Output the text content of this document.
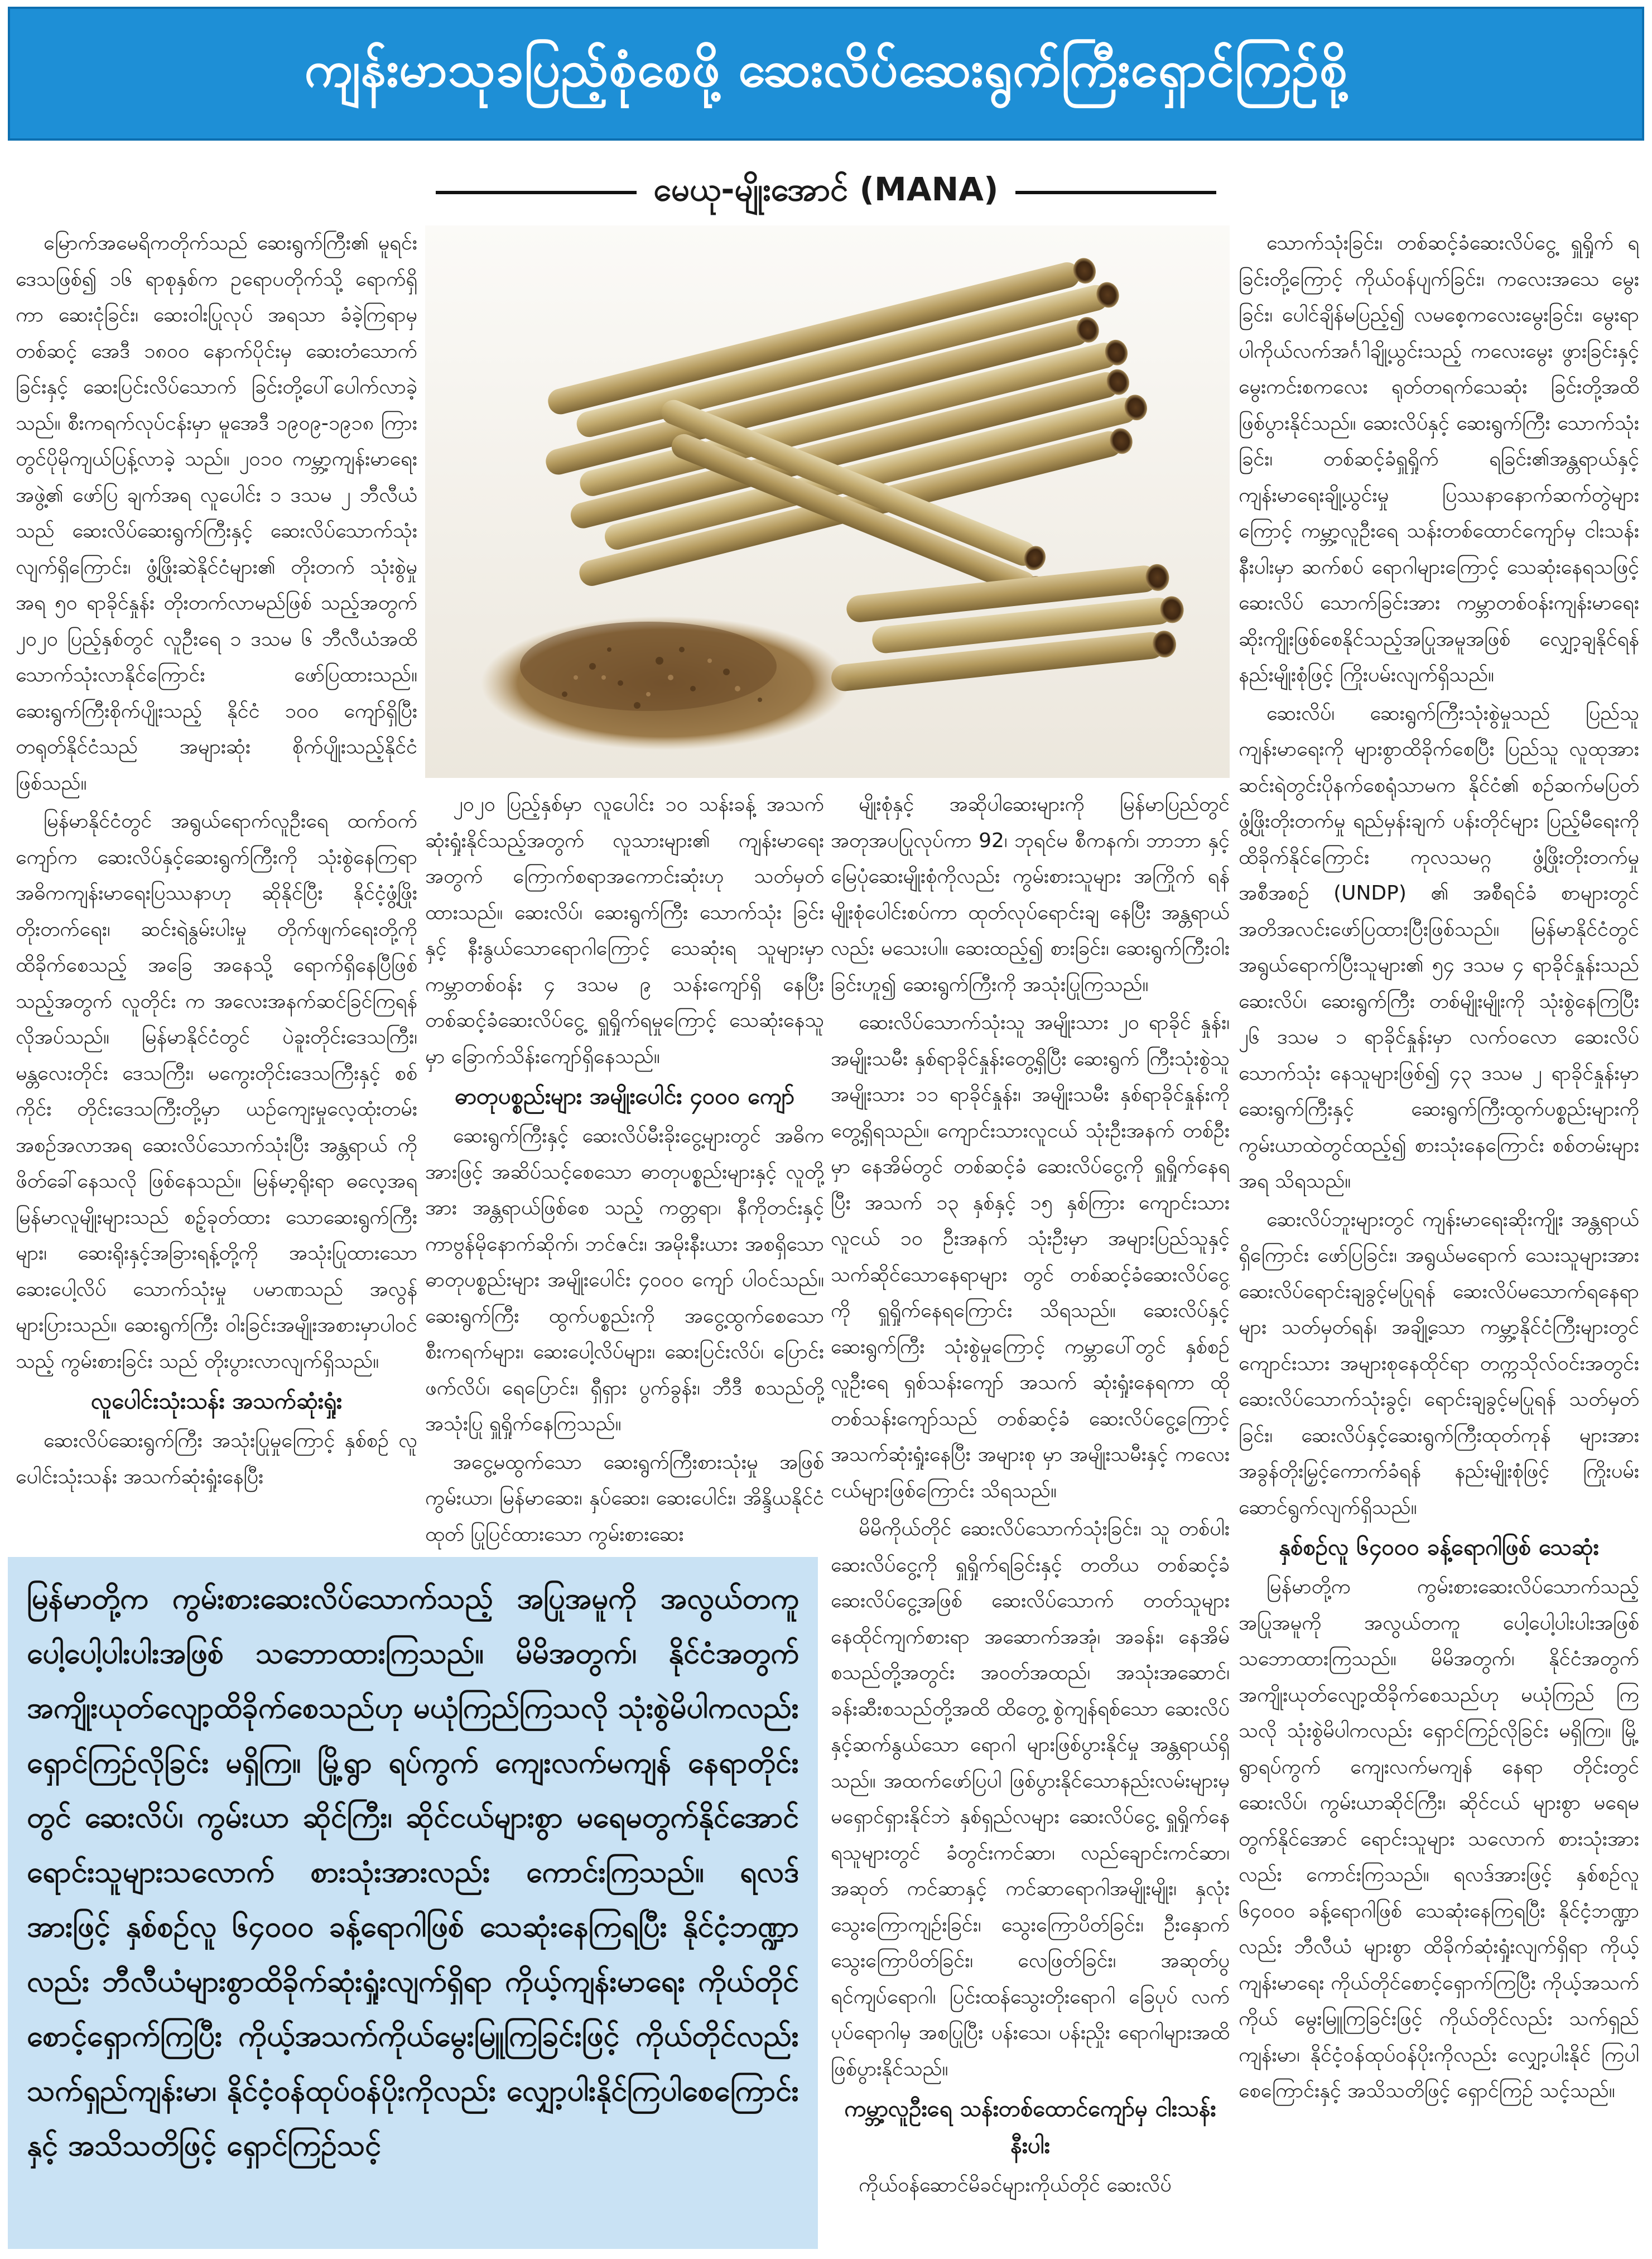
ကျန်းမာသုခပြည့်စုံစေဖို့ ဆေးလိပ်ဆေးရွက်ကြီးရှောင်ကြဉ်စို့
မေယု-မျိုးအောင် (MANA)

မြောက်အမေရိကတိုက်သည် ဆေးရွက်ကြီး၏ မူရင်းဒေသဖြစ်၍ ၁၆ ရာစုနှစ်က ဥရောပတိုက်သို့ ရောက်ရှိကာ ဆေးငုံခြင်း၊ ဆေးဝါးပြုလုပ် အရသာ ခံခဲ့ကြရာမှတစ်ဆင့် အေဒီ ၁၈၀၀ နောက်ပိုင်းမှ ဆေးတံသောက်ခြင်းနှင့် ဆေးပြင်းလိပ်သောက် ခြင်းတို့ပေါ်ပေါက်လာခဲ့သည်။ စီးကရက်လုပ်ငန်းမှာ မူအေဒီ ၁၉၀၉-၁၉၁၈ ကြားတွင်ပိုမိုကျယ်ပြန့်လာခဲ့ သည်။ ၂၀၁၀ ကမ္ဘာ့ကျန်းမာရေးအဖွဲ့၏ ဖော်ပြ ချက်အရ လူပေါင်း ၁ ဒသမ ၂ ဘီလီယံသည် ဆေးလိပ်ဆေးရွက်ကြီးနှင့် ဆေးလိပ်သောက်သုံး လျက်ရှိကြောင်း၊ ဖွံ့ဖြိုးဆဲနိုင်ငံများ၏ တိုးတက် သုံးစွဲမှုအရ ၅၀ ရာခိုင်နှုန်း တိုးတက်လာမည်ဖြစ် သည့်အတွက် ၂၀၂၀ ပြည့်နှစ်တွင် လူဦးရေ ၁ ဒသမ ၆ ဘီလီယံအထိ သောက်သုံးလာနိုင်ကြောင်း ဖော်ပြထားသည်။ ဆေးရွက်ကြီးစိုက်ပျိုးသည့် နိုင်ငံ ၁၀၀ ကျော်ရှိပြီး တရုတ်နိုင်ငံသည် အများဆုံး စိုက်ပျိုးသည့်နိုင်ငံဖြစ်သည်။

မြန်မာနိုင်ငံတွင် အရွယ်ရောက်လူဦးရေ ထက်ဝက်ကျော်က ဆေးလိပ်နှင့်ဆေးရွက်ကြီးကို သုံးစွဲနေကြရာ အဓိကကျန်းမာရေးပြဿနာဟု ဆိုနိုင်ပြီး နိုင်ငံ့ဖွံ့ဖြိုးတိုးတက်ရေး၊ ဆင်းရဲနွမ်းပါးမှု တိုက်ဖျက်ရေးတို့ကို ထိခိုက်စေသည့် အခြေ အနေသို့ ရောက်ရှိနေပြီဖြစ်သည့်အတွက် လူတိုင်း က အလေးအနက်ဆင်ခြင်ကြရန် လိုအပ်သည်။ မြန်မာနိုင်ငံတွင် ပဲခူးတိုင်းဒေသကြီး၊ မန္တလေးတိုင်း ဒေသကြီး၊ မကွေးတိုင်းဒေသကြီးနှင့် စစ်ကိုင်း တိုင်းဒေသကြီးတို့မှာ ယဉ်ကျေးမှုလေ့ထုံးတမ်း အစဉ်အလာအရ ဆေးလိပ်သောက်သုံးပြီး အန္တရာယ် ကို ဖိတ်ခေါ်နေသလို ဖြစ်နေသည်။ မြန်မာ့ရိုးရာ ဓလေ့အရ မြန်မာလူမျိုးများသည် စဉ့်ခုတ်ထား သောဆေးရွက်ကြီးများ၊ ဆေးရိုးနှင့်အခြားရန့်တို့ကို အသုံးပြုထားသော ဆေးပေါ့လိပ် သောက်သုံးမှု ပမာဏသည် အလွန်များပြားသည်။ ဆေးရွက်ကြီး ဝါးခြင်းအမျိုးအစားမှာပါဝင်သည့် ကွမ်းစားခြင်း သည် တိုးပွားလာလျက်ရှိသည်။

လူပေါင်းသုံးသန်း အသက်ဆုံးရှုံး

ဆေးလိပ်ဆေးရွက်ကြီး အသုံးပြုမှုကြောင့် နှစ်စဉ် လူပေါင်းသုံးသန်း အသက်ဆုံးရှုံးနေပြီး

၂၀၂၀ ပြည့်နှစ်မှာ လူပေါင်း ၁၀ သန်းခန့် အသက် ဆုံးရှုံးနိုင်သည့်အတွက် လူသားများ၏ ကျန်းမာရေး အတွက် ကြောက်စရာအကောင်းဆုံးဟု သတ်မှတ် ထားသည်။ ဆေးလိပ်၊ ဆေးရွက်ကြီး သောက်သုံး ခြင်းနှင့် နီးနွယ်သောရောဂါကြောင့် သေဆုံးရ သူများမှာ ကမ္ဘာတစ်ဝန်း ၄ ဒသမ ၉ သန်းကျော်ရှိ နေပြီး တစ်ဆင့်ခံဆေးလိပ်ငွေ့ ရှူရှိုက်ရမှုကြောင့် သေဆုံးနေသူမှာ ခြောက်သိန်းကျော်ရှိနေသည်။

ဓာတုပစ္စည်းများ အမျိုးပေါင်း ၄၀၀၀ ကျော်

ဆေးရွက်ကြီးနှင့် ဆေးလိပ်မီးခိုးငွေ့များတွင် အဓိကအားဖြင့် အဆိပ်သင့်စေသော ဓာတုပစ္စည်းများနှင့် လူတို့အား အန္တရာယ်ဖြစ်စေ သည့် ကတ္တရာ၊ နီကိုတင်းနှင့် ကာဗွန်မိုနောက်ဆိုက်၊ ဘင်ဇင်း၊ အမိုးနီးယား အစရှိသော ဓာတုပစ္စည်းများ အမျိုးပေါင်း ၄၀၀၀ ကျော် ပါဝင်သည်။ ဆေးရွက်ကြီး ထွက်ပစ္စည်းကို အငွေ့ထွက်စေသော စီးကရက်များ၊ ဆေးပေါ့လိပ်များ၊ ဆေးပြင်းလိပ်၊ ပြောင်းဖက်လိပ်၊ ရေပြောင်း၊ ရှီရှား ပွက်ခွန်း၊ ဘီဒီ စသည်တို့ အသုံးပြု ရှူရှိုက်နေကြသည်။

အငွေ့မထွက်သော ဆေးရွက်ကြီးစားသုံးမှု အဖြစ် ကွမ်းယာ၊ မြန်မာဆေး၊ နှပ်ဆေး၊ ဆေးပေါင်း၊ အိန္ဒိယနိုင်ငံထုတ် ပြုပြင်ထားသော ကွမ်းစားဆေး

မျိုးစုံနှင့် အဆိုပါဆေးများကို မြန်မာပြည်တွင် အတုအပပြုလုပ်ကာ 92၊ ဘုရင်မ စီကနက်၊ ဘာဘာ နှင့် မြေပုံဆေးမျိုးစုံကိုလည်း ကွမ်းစားသူများ အကြိုက် ရန်မျိုးစုံပေါင်းစပ်ကာ ထုတ်လုပ်ရောင်းချ နေပြီး အန္တရာယ်လည်း မသေးပါ။ ဆေးထည့်၍ စားခြင်း၊ ဆေးရွက်ကြီးဝါးခြင်းဟူ၍ ဆေးရွက်ကြီးကို အသုံးပြုကြသည်။

ဆေးလိပ်သောက်သုံးသူ အမျိုးသား ၂၀ ရာခိုင် နှုန်း၊ အမျိုးသမီး နှစ်ရာခိုင်နှုန်းတွေ့ရှိပြီး ဆေးရွက် ကြီးသုံးစွဲသူ အမျိုးသား ၁၁ ရာခိုင်နှုန်း၊ အမျိုးသမီး နှစ်ရာခိုင်နှုန်းကို တွေ့ရှိရသည်။ ကျောင်းသားလူငယ် သုံးဦးအနက် တစ်ဦးမှာ နေအိမ်တွင် တစ်ဆင့်ခံ ဆေးလိပ်ငွေ့ကို ရှူရှိုက်နေရပြီး အသက် ၁၃ နှစ်နှင့် ၁၅ နှစ်ကြား ကျောင်းသားလူငယ် ၁၀ ဦးအနက် သုံးဦးမှာ အများပြည်သူနှင့်သက်ဆိုင်သောနေရာများ တွင် တစ်ဆင့်ခံဆေးလိပ်ငွေ့ကို ရှူရှိုက်နေရကြောင်း သိရသည်။ ဆေးလိပ်နှင့်ဆေးရွက်ကြီး သုံးစွဲမှုကြောင့် ကမ္ဘာပေါ်တွင် နှစ်စဉ်လူဦးရေ ရှစ်သန်းကျော် အသက် ဆုံးရှုံးနေရကာ ထိုတစ်သန်းကျော်သည် တစ်ဆင့်ခံ ဆေးလိပ်ငွေ့ကြောင့် အသက်ဆုံးရှုံးနေပြီး အများစု မှာ အမျိုးသမီးနှင့် ကလေးငယ်များဖြစ်ကြောင်း သိရသည်။

မိမိကိုယ်တိုင် ဆေးလိပ်သောက်သုံးခြင်း၊ သူ တစ်ပါးဆေးလိပ်ငွေ့ကို ရှူရှိုက်ရခြင်းနှင့် တတိယ တစ်ဆင့်ခံ ဆေးလိပ်ငွေ့အဖြစ် ဆေးလိပ်သောက် တတ်သူများ နေထိုင်ကျက်စားရာ အဆောက်အအုံ၊ အခန်း၊ နေအိမ် စသည်တို့အတွင်း အဝတ်အထည်၊ အသုံးအဆောင်၊ ခန်းဆီးစသည်တို့အထိ ထိတွေ့ စွဲကျန်ရစ်သော ဆေးလိပ်နှင့်ဆက်နွယ်သော ရောဂါ များဖြစ်ပွားနိုင်မှု အန္တရာယ်ရှိသည်။ အထက်ဖော်ပြပါ ဖြစ်ပွားနိုင်သောနည်းလမ်းများမှ မရှောင်ရှားနိုင်ဘဲ နှစ်ရှည်လများ ဆေးလိပ်ငွေ့ ရှူရှိုက်နေရသူများတွင် ခံတွင်းကင်ဆာ၊ လည်ချောင်းကင်ဆာ၊ အဆုတ် ကင်ဆာနှင့် ကင်ဆာရောဂါအမျိုးမျိုး၊ နှလုံး သွေးကြောကျဉ်းခြင်း၊ သွေးကြောပိတ်ခြင်း၊ ဦးနှောက် သွေးကြောပိတ်ခြင်း၊ လေဖြတ်ခြင်း၊ အဆုတ်ပွ ရင်ကျပ်ရောဂါ၊ ပြင်းထန်သွေးတိုးရောဂါ ခြေပုပ် လက်ပုပ်ရောဂါမှ အစပြုပြီး ပန်းသေ၊ ပန်းညှိုး ရောဂါများအထိ ဖြစ်ပွားနိုင်သည်။

ကမ္ဘာ့လူဦးရေ သန်းတစ်ထောင်ကျော်မှ ငါးသန်းနီးပါး

ကိုယ်ဝန်ဆောင်မိခင်များကိုယ်တိုင် ဆေးလိပ်

သောက်သုံးခြင်း၊ တစ်ဆင့်ခံဆေးလိပ်ငွေ့ ရှူရှိုက် ရခြင်းတို့ကြောင့် ကိုယ်ဝန်ပျက်ခြင်း၊ ကလေးအသေ မွေးခြင်း၊ ပေါင်ချိန်မပြည့်၍ လမစေ့ကလေးမွေးခြင်း၊ မွေးရာပါကိုယ်လက်အင်္ဂါချို့ယွင်းသည့် ကလေးမွေး ဖွားခြင်းနှင့် မွေးကင်းစကလေး ရုတ်တရက်သေဆုံး ခြင်းတို့အထိ ဖြစ်ပွားနိုင်သည်။ ဆေးလိပ်နှင့် ဆေးရွက်ကြီး သောက်သုံးခြင်း၊ တစ်ဆင့်ခံရှူရှိုက် ရခြင်း၏အန္တရာယ်နှင့် ကျန်းမာရေးချို့ယွင်းမှု ပြဿနာနောက်ဆက်တွဲများကြောင့် ကမ္ဘာ့လူဦးရေ သန်းတစ်ထောင်ကျော်မှ ငါးသန်းနီးပါးမှာ ဆက်စပ် ရောဂါများကြောင့် သေဆုံးနေရသဖြင့် ဆေးလိပ် သောက်ခြင်းအား ကမ္ဘာတစ်ဝန်းကျန်းမာရေး ဆိုးကျိုးဖြစ်စေနိုင်သည့်အပြုအမူအဖြစ် လျှော့ချနိုင်ရန် နည်းမျိုးစုံဖြင့် ကြိုးပမ်းလျက်ရှိသည်။

ဆေးလိပ်၊ ဆေးရွက်ကြီးသုံးစွဲမှုသည် ပြည်သူ ကျန်းမာရေးကို များစွာထိခိုက်စေပြီး ပြည်သူ လူထုအား ဆင်းရဲတွင်းပိုနက်စေရုံသာမက နိုင်ငံ၏ စဉ်ဆက်မပြတ်ဖွံ့ဖြိုးတိုးတက်မှု ရည်မှန်းချက် ပန်းတိုင်များ ပြည့်မီရေးကို ထိခိုက်နိုင်ကြောင်း ကုလသမဂ္ဂ ဖွံ့ဖြိုးတိုးတက်မှုအစီအစဉ် (UNDP) ၏ အစီရင်ခံ စာများတွင် အတိအလင်းဖော်ပြထားပြီးဖြစ်သည်။ မြန်မာနိုင်ငံတွင် အရွယ်ရောက်ပြီးသူများ၏ ၅၄ ဒသမ ၄ ရာခိုင်နှုန်းသည် ဆေးလိပ်၊ ဆေးရွက်ကြီး တစ်မျိုးမျိုးကို သုံးစွဲနေကြပြီး ၂၆ ဒသမ ၁ ရာခိုင်နှုန်းမှာ လက်ဝလော ဆေးလိပ်သောက်သုံး နေသူများဖြစ်၍ ၄၃ ဒသမ ၂ ရာခိုင်နှုန်းမှာ ဆေးရွက်ကြီးနှင့် ဆေးရွက်ကြီးထွက်ပစ္စည်းများကို ကွမ်းယာထဲတွင်ထည့်၍ စားသုံးနေကြောင်း စစ်တမ်းများအရ သိရသည်။

ဆေးလိပ်ဘူးများတွင် ကျန်းမာရေးဆိုးကျိုး အန္တရာယ်ရှိကြောင်း ဖော်ပြခြင်း၊ အရွယ်မရောက် သေးသူများအား ဆေးလိပ်ရောင်းချခွင့်မပြုရန် ဆေးလိပ်မသောက်ရနေရာများ သတ်မှတ်ရန်၊ အချို့သော ကမ္ဘာ့နိုင်ငံကြီးများတွင် ကျောင်းသား အများစုနေထိုင်ရာ တက္ကသိုလ်ဝင်းအတွင်း ဆေးလိပ်သောက်သုံးခွင့်၊ ရောင်းချခွင့်မပြုရန် သတ်မှတ်ခြင်း၊ ဆေးလိပ်နှင့်ဆေးရွက်ကြီးထုတ်ကုန် များအား အခွန်တိုးမြှင့်ကောက်ခံရန် နည်းမျိုးစုံဖြင့် ကြိုးပမ်းဆောင်ရွက်လျက်ရှိသည်။

နှစ်စဉ်လူ ၆၄၀၀၀ ခန့်ရောဂါဖြစ် သေဆုံး

မြန်မာတို့က ကွမ်းစားဆေးလိပ်သောက်သည့် အပြုအမူကို အလွယ်တကူ ပေါ့ပေါ့ပါးပါးအဖြစ် သဘောထားကြသည်။ မိမိအတွက်၊ နိုင်ငံအတွက် အကျိုးယုတ်လျော့ထိခိုက်စေသည်ဟု မယုံကြည် ကြသလို သုံးစွဲမိပါကလည်း ရှောင်ကြဉ်လိုခြင်း မရှိကြ။ မြို့ရွာရပ်ကွက် ကျေးလက်မကျန် နေရာ တိုင်းတွင် ဆေးလိပ်၊ ကွမ်းယာဆိုင်ကြီး၊ ဆိုင်ငယ် များစွာ မရေမတွက်နိုင်အောင် ရောင်းသူများ သလောက် စားသုံးအားလည်း ကောင်းကြသည်။ ရလဒ်အားဖြင့် နှစ်စဉ်လူ ၆၄၀၀၀ ခန့်ရောဂါဖြစ် သေဆုံးနေကြရပြီး နိုင်ငံ့ဘဏ္ဍာလည်း ဘီလီယံ များစွာ ထိခိုက်ဆုံးရှုံးလျက်ရှိရာ ကိုယ့်ကျန်းမာရေး ကိုယ်တိုင်စောင့်ရှောက်ကြပြီး ကိုယ့်အသက်ကိုယ် မွေးမြူကြခြင်းဖြင့် ကိုယ်တိုင်လည်း သက်ရှည် ကျန်းမာ၊ နိုင်ငံ့ဝန်ထုပ်ဝန်ပိုးကိုလည်း လျှော့ပါးနိုင် ကြပါစေကြောင်းနှင့် အသိသတိဖြင့် ရှောင်ကြဉ် သင့်သည်။

မြန်မာတို့က ကွမ်းစားဆေးလိပ်သောက်သည့် အပြုအမူကို အလွယ်တကူ ပေါ့ပေါ့ပါးပါးအဖြစ် သဘောထားကြသည်။ မိမိအတွက်၊ နိုင်ငံအတွက် အကျိုးယုတ်လျော့ထိခိုက်စေသည်ဟု မယုံကြည်ကြသလို သုံးစွဲမိပါကလည်း ရှောင်ကြဉ်လိုခြင်း မရှိကြ။ မြို့ရွာ ရပ်ကွက် ကျေးလက်မကျန် နေရာတိုင်းတွင် ဆေးလိပ်၊ ကွမ်းယာ ဆိုင်ကြီး၊ ဆိုင်ငယ်များစွာ မရေမတွက်နိုင်အောင် ရောင်းသူများသလောက် စားသုံးအားလည်း ကောင်းကြသည်။ ရလဒ်အားဖြင့် နှစ်စဉ်လူ ၆၄၀၀၀ ခန့်ရောဂါဖြစ် သေဆုံးနေကြရပြီး နိုင်ငံ့ဘဏ္ဍာလည်း ဘီလီယံများစွာထိခိုက်ဆုံးရှုံးလျက်ရှိရာ ကိုယ့်ကျန်းမာရေး ကိုယ်တိုင် စောင့်ရှောက်ကြပြီး ကိုယ့်အသက်ကိုယ်မွေးမြူကြခြင်းဖြင့် ကိုယ်တိုင်လည်း သက်ရှည်ကျန်းမာ၊ နိုင်ငံ့ဝန်ထုပ်ဝန်ပိုးကိုလည်း လျှော့ပါးနိုင်ကြပါစေကြောင်း နှင့် အသိသတိဖြင့် ရှောင်ကြဉ်သင့်
